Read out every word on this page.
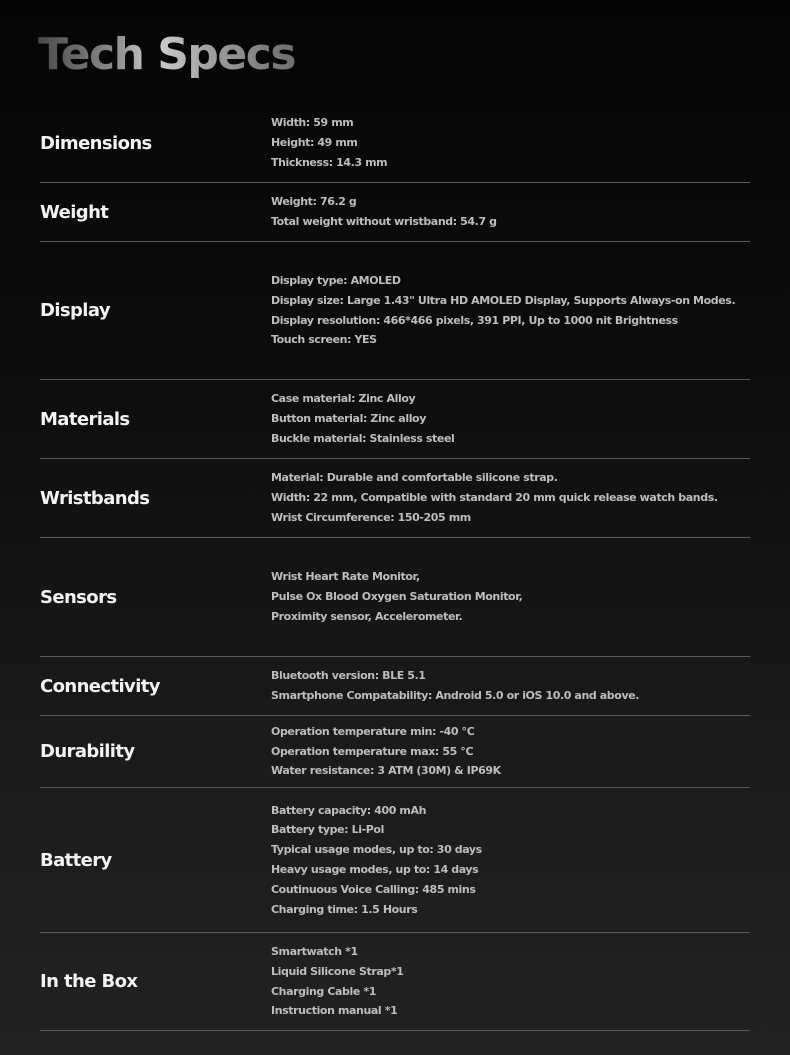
Tech Specs
Dimensions
Width: 59 mm
Height: 49 mm
Thickness: 14.3 mm
Weight	Weight: 76.2 g
Total weight without wristband: 54.7 g
Display
Display type: AMOLED
Display size: Large 1.43" Ultra HD AMOLED Display, Supports Always-on Modes.
Display resolution: 466*466 pixels, 391 PPI, Up to 1000 nit Brightness
Touch screen: YES
Materials
Case material: Zinc Alloy
Button material: Zinc alloy
Buckle material: Stainless steel
Wristbands
Material: Durable and comfortable silicone strap.
Width: 22 mm, Compatible with standard 20 mm quick release watch bands.
Wrist Circumference: 150-205 mm
Sensors
Wrist Heart Rate Monitor,
Pulse Ox Blood Oxygen Saturation Monitor,
Proximity sensor, Accelerometer.
Connectivity	Bluetooth version: BLE 5.1
Smartphone Compatability: Android 5.0 or iOS 10.0 and above.
Durability
Operation temperature min: -40 ℃
Operation temperature max: 55 ℃
Water resistance: 3 ATM (30M) & IP69K
Battery
Battery capacity: 400 mAh
Battery type: Li-Pol
Typical usage modes, up to: 30 days
Heavy usage modes, up to: 14 days
Coutinuous Voice Calling: 485 mins
Charging time: 1.5 Hours
In the Box
Smartwatch *1
Liquid Silicone Strap*1
Charging Cable *1
Instruction manual *1
